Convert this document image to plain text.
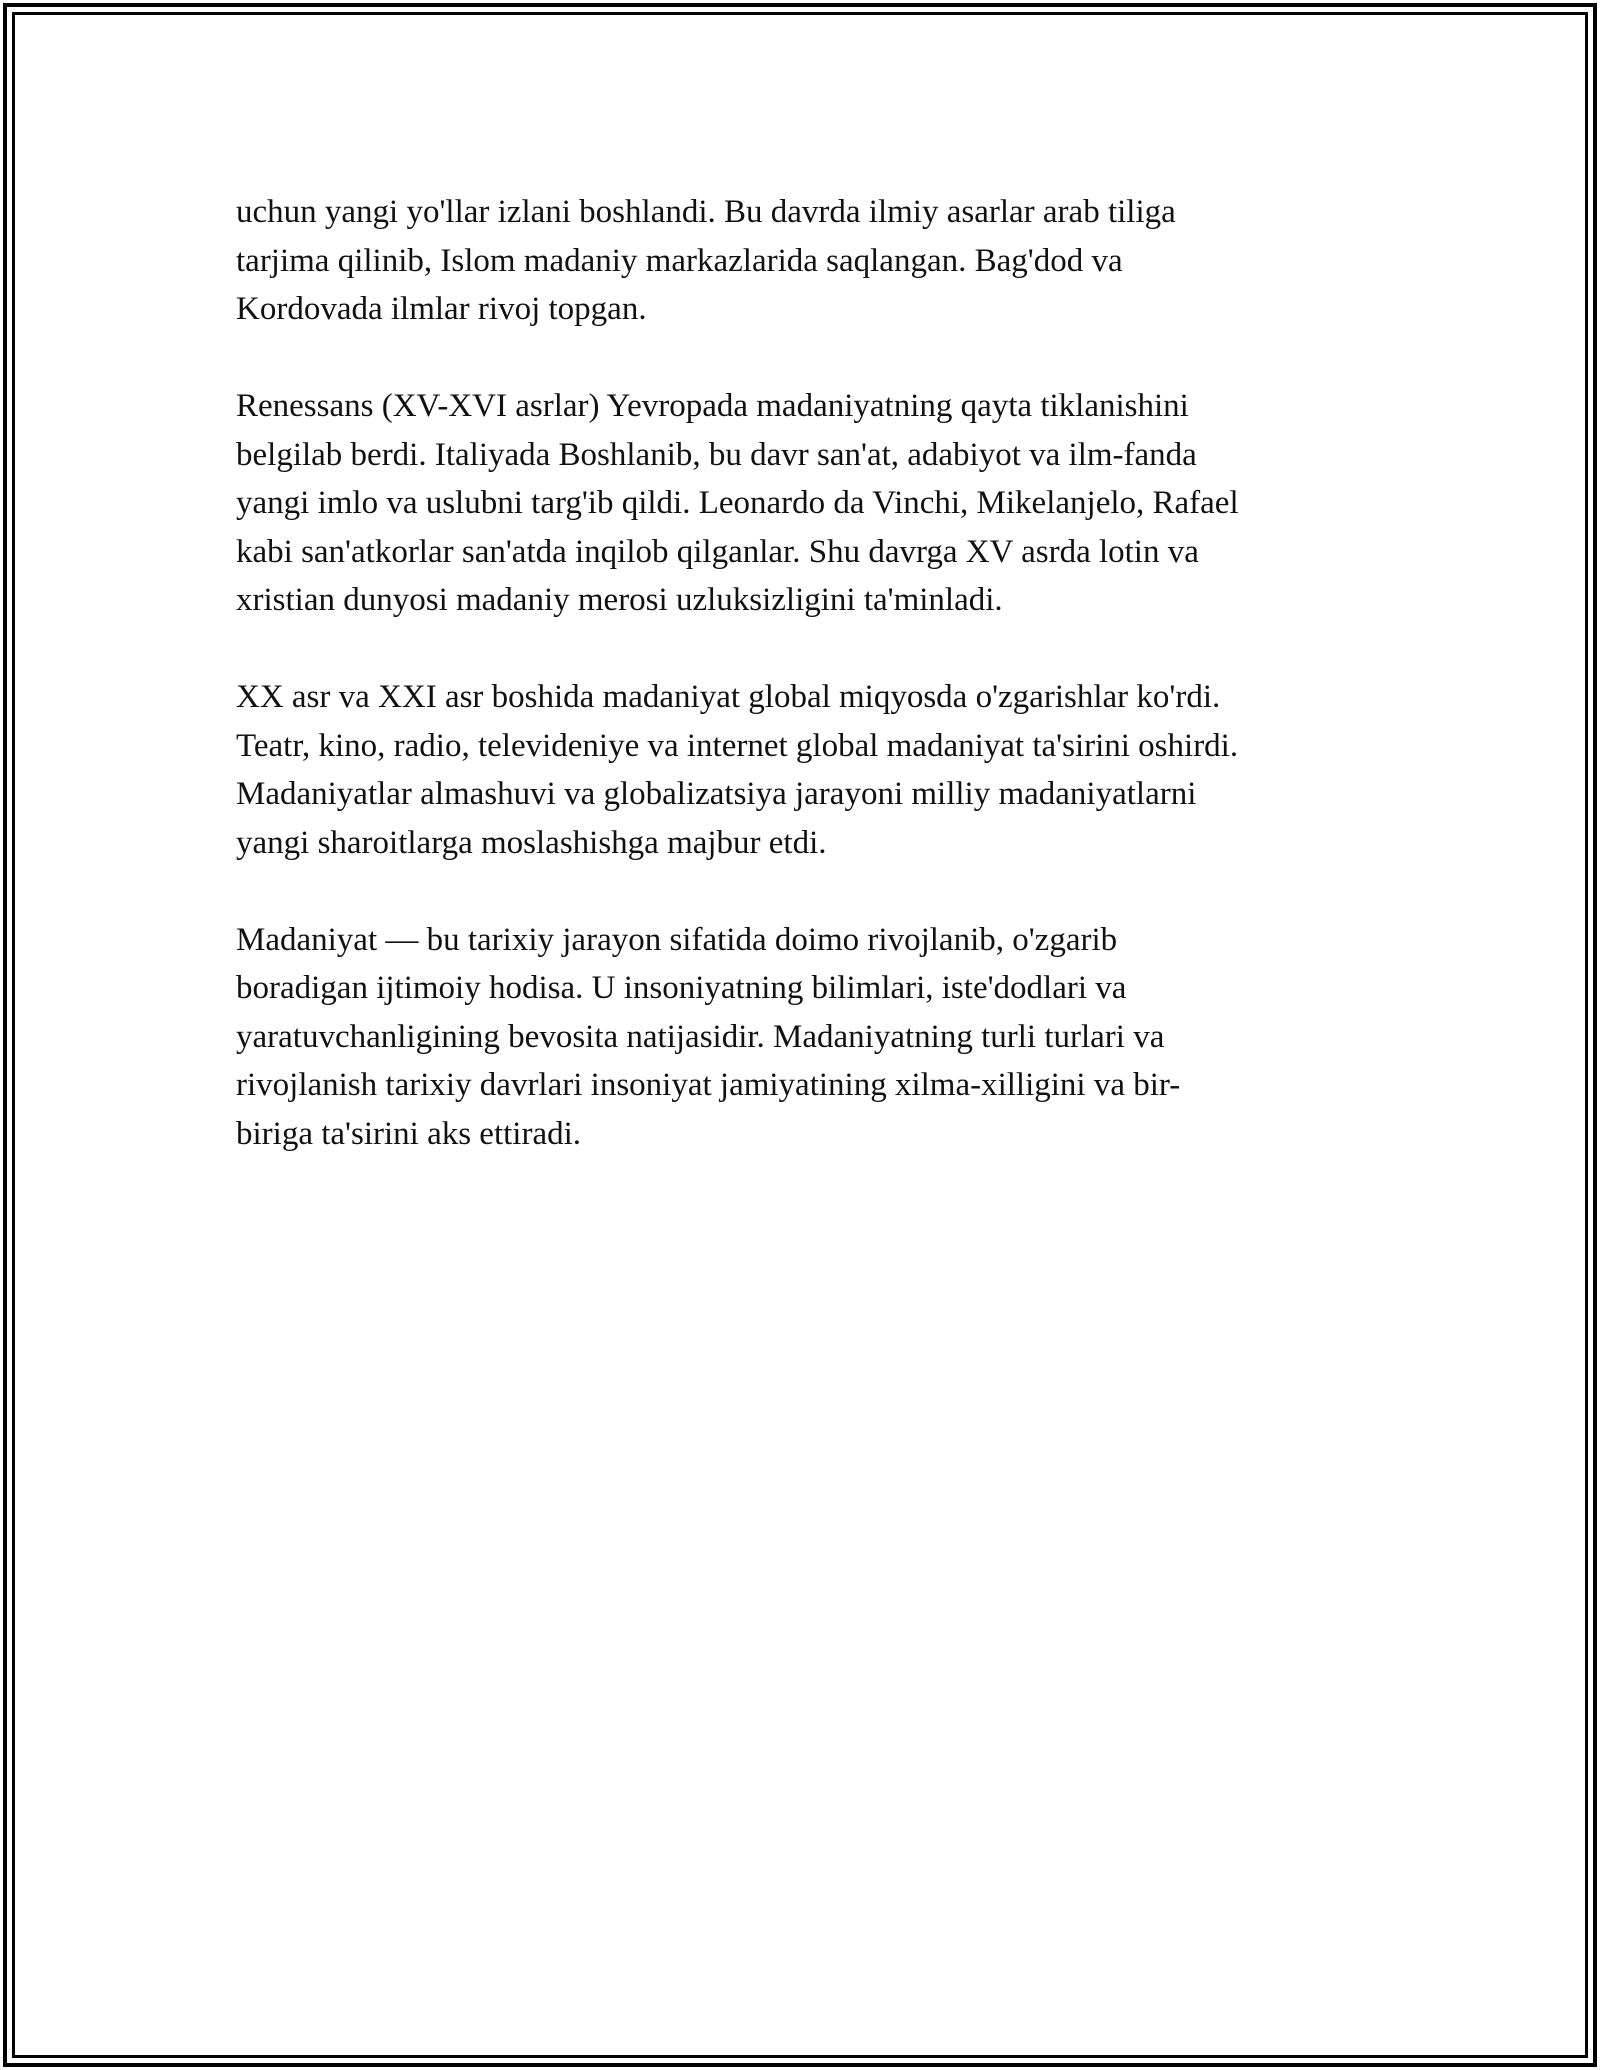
uchun yangi yo'llar izlani boshlandi. Bu davrda ilmiy asarlar arab tiliga
tarjima qilinib, Islom madaniy markazlarida saqlangan. Bag'dod va
Kordovada ilmlar rivoj topgan.

Renessans (XV-XVI asrlar) Yevropada madaniyatning qayta tiklanishini
belgilab berdi. Italiyada Boshlanib, bu davr san'at, adabiyot va ilm-fanda
yangi imlo va uslubni targ'ib qildi. Leonardo da Vinchi, Mikelanjelo, Rafael
kabi san'atkorlar san'atda inqilob qilganlar. Shu davrga XV asrda lotin va
xristian dunyosi madaniy merosi uzluksizligini ta'minladi.

XX asr va XXI asr boshida madaniyat global miqyosda o'zgarishlar ko'rdi.
Teatr, kino, radio, televideniye va internet global madaniyat ta'sirini oshirdi.
Madaniyatlar almashuvi va globalizatsiya jarayoni milliy madaniyatlarni
yangi sharoitlarga moslashishga majbur etdi.

Madaniyat — bu tarixiy jarayon sifatida doimo rivojlanib, o'zgarib
boradigan ijtimoiy hodisa. U insoniyatning bilimlari, iste'dodlari va
yaratuvchanligining bevosita natijasidir. Madaniyatning turli turlari va
rivojlanish tarixiy davrlari insoniyat jamiyatining xilma-xilligini va bir-
biriga ta'sirini aks ettiradi.
